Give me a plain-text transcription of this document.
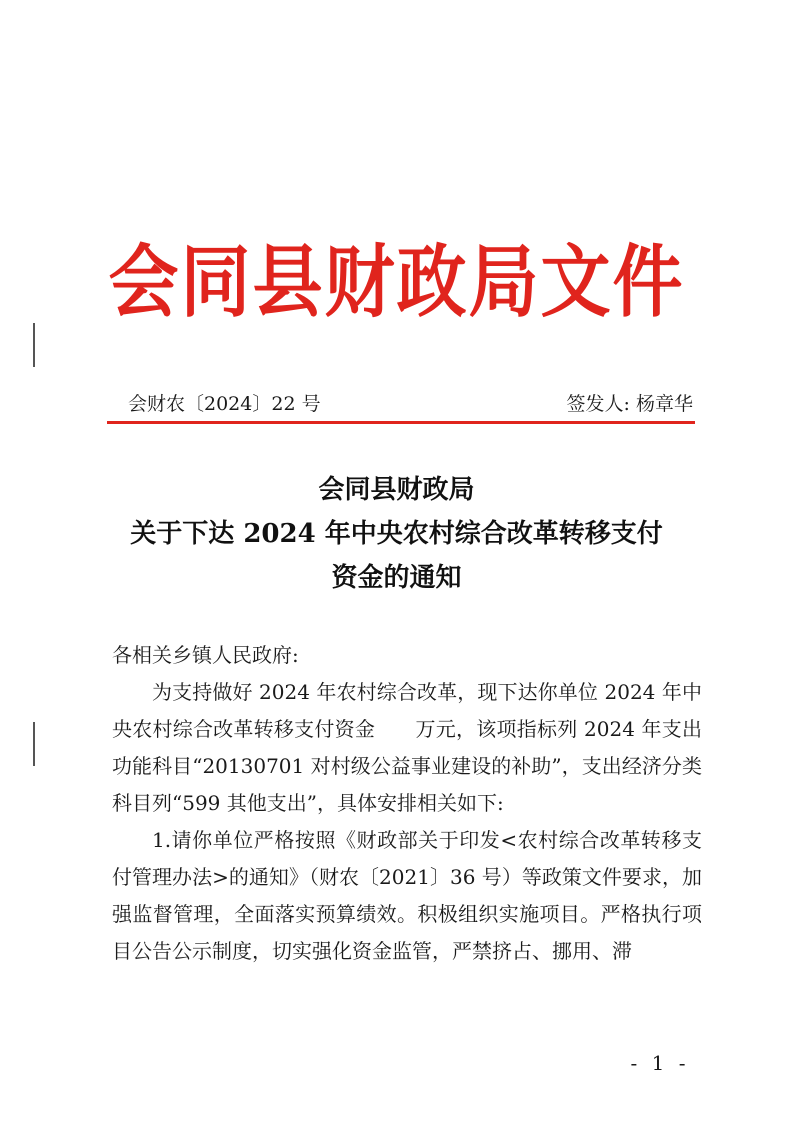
会同县财政局文件
会财农〔2024〕22 号	签发人: 杨章华
会同县财政局
关于下达 2024 年中央农村综合改革转移支付
资金的通知

各相关乡镇人民政府:

为支持做好 2024 年农村综合改革，现下达你单位 2024 年中央农村综合改革转移支付资金　　万元，该项指标列 2024 年支出功能科目“20130701 对村级公益事业建设的补助”，支出经济分类科目列“599 其他支出”，具体安排相关如下:

1.请你单位严格按照《财政部关于印发<农村综合改革转移支付管理办法>的通知》（财农〔2021〕36 号）等政策文件要求，加强监督管理，全面落实预算绩效。积极组织实施项目。严格执行项目公告公示制度，切实强化资金监管，严禁挤占、挪用、滞

- 1 -
